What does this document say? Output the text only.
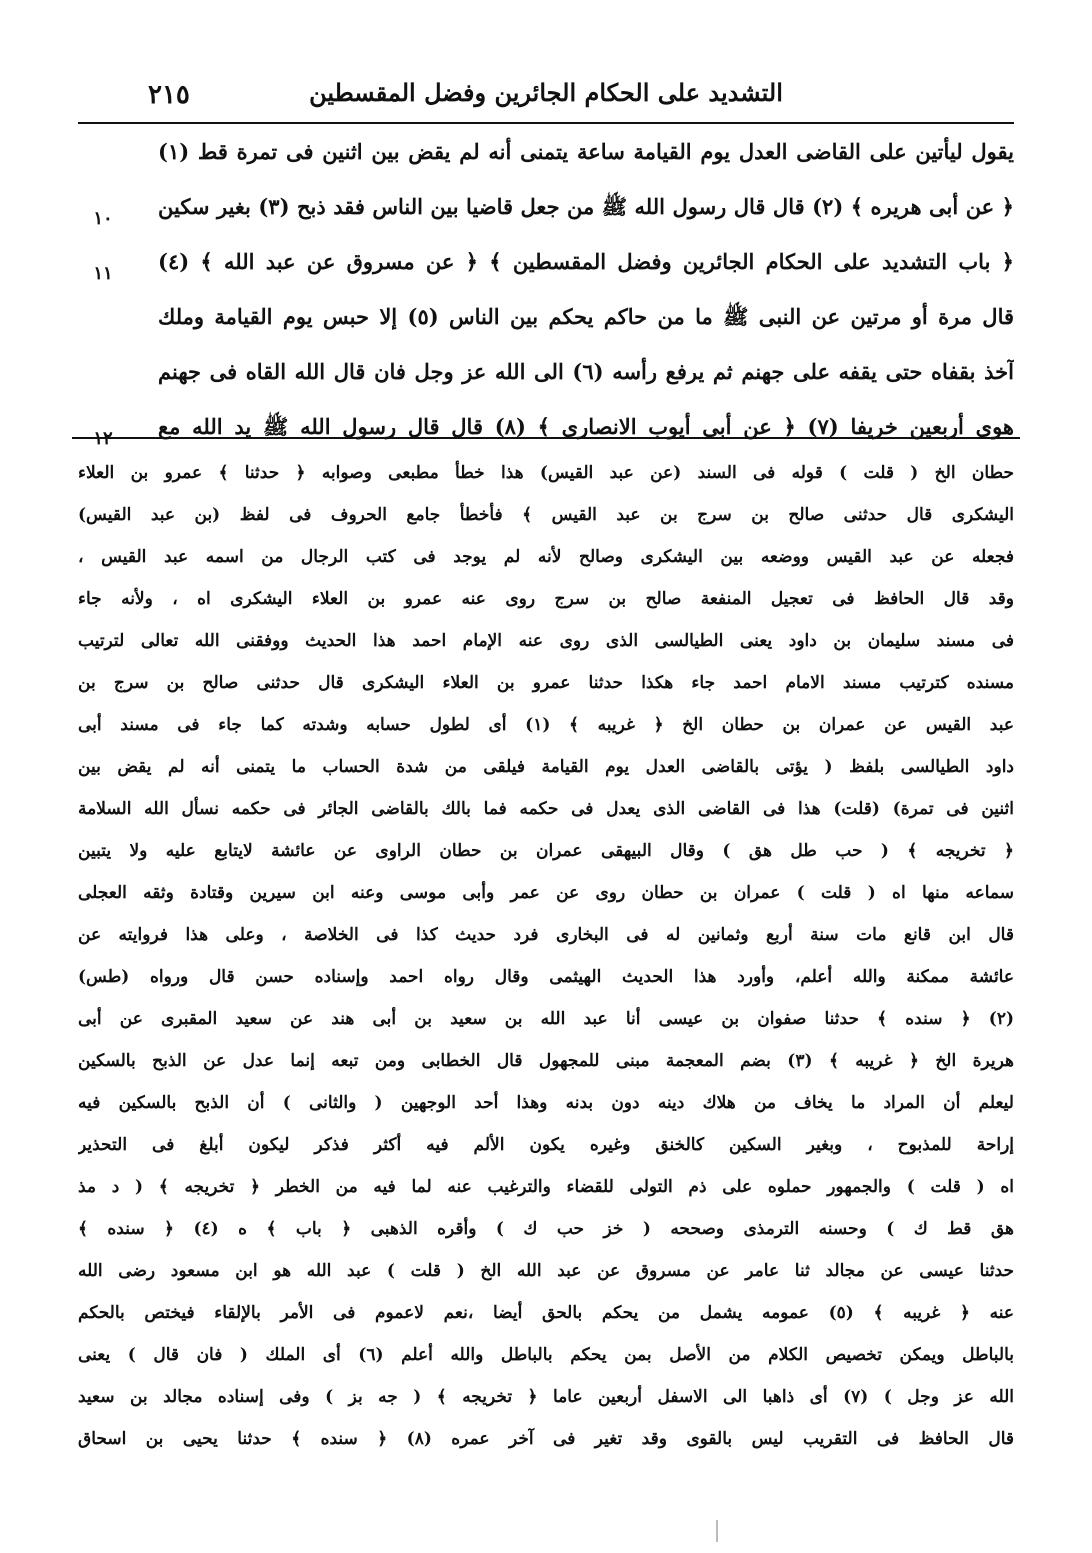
٢١٥	التشديد على الحكام الجائرين وفضل المقسطين
يقول ليأتين على القاضى العدل يوم القيامة ساعة يتمنى أنه لم يقض بين اثنين فى تمرة قط (١)
١٠	﴿ عن أبى هريره ﴾ (٢) قال قال رسول الله ﷺ من جعل قاضيا بين الناس فقد ذبح (٣) بغير سكين
١١	﴿ باب التشديد على الحكام الجائرين وفضل المقسطين ﴾ ﴿ عن مسروق عن عبد الله ﴾ (٤)
قال مرة أو مرتين عن النبى ﷺ ما من حاكم يحكم بين الناس (٥) إلا حبس يوم القيامة وملك
آخذ بقفاه حتى يقفه على جهنم ثم يرفع رأسه (٦) الى الله عز وجل فان قال الله القاه فى جهنم
١٢	هوى أربعين خريفا (٧) ﴿ عن أبى أيوب الانصارى ﴾ (٨) قال قال رسول الله ﷺ يد الله مع
حطان الخ ( قلت ) قوله فى السند (عن عبد القيس) هذا خطأ مطبعى وصوابه ﴿ حدثنا ﴾ عمرو بن العلاء
اليشكرى قال حدثنى صالح بن سرج بن عبد القيس ﴾ فأخطأ جامع الحروف فى لفظ (بن عبد القيس)
فجعله عن عبد القيس ووضعه بين اليشكرى وصالح لأنه لم يوجد فى كتب الرجال من اسمه عبد القيس ،
وقد قال الحافظ فى تعجيل المنفعة صالح بن سرج روى عنه عمرو بن العلاء اليشكرى اه ، ولأنه جاء
فى مسند سليمان بن داود يعنى الطيالسى الذى روى عنه الإمام احمد هذا الحديث ووفقنى الله تعالى لترتيب
مسنده كترتيب مسند الامام احمد جاء هكذا حدثنا عمرو بن العلاء اليشكرى قال حدثنى صالح بن سرج بن
عبد القيس عن عمران بن حطان الخ ﴿ غريبه ﴾ (١) أى لطول حسابه وشدته كما جاء فى مسند أبى
داود الطيالسى بلفظ ( يؤتى بالقاضى العدل يوم القيامة فيلقى من شدة الحساب ما يتمنى أنه لم يقض بين
اثنين فى تمرة) (قلت) هذا فى القاضى الذى يعدل فى حكمه فما بالك بالقاضى الجائر فى حكمه نسأل الله السلامة
﴿ تخريجه ﴾ ( حب طل هق ) وقال البيهقى عمران بن حطان الراوى عن عائشة لايتابع عليه ولا يتبين
سماعه منها اه ( قلت ) عمران بن حطان روى عن عمر وأبى موسى وعنه ابن سيرين وقتادة وثقه العجلى
قال ابن قانع مات سنة أربع وثمانين له فى البخارى فرد حديث كذا فى الخلاصة ، وعلى هذا فروايته عن
عائشة ممكنة والله أعلم، وأورد هذا الحديث الهيثمى وقال رواه احمد وإسناده حسن قال ورواه (طس)
(٢) ﴿ سنده ﴾ حدثنا صفوان بن عيسى أنا عبد الله بن سعيد بن أبى هند عن سعيد المقبرى عن أبى
هريرة الخ ﴿ غريبه ﴾ (٣) بضم المعجمة مبنى للمجهول قال الخطابى ومن تبعه إنما عدل عن الذبح بالسكين
ليعلم أن المراد ما يخاف من هلاك دينه دون بدنه وهذا أحد الوجهين ( والثانى ) أن الذبح بالسكين فيه
إراحة للمذبوح ، وبغير السكين كالخنق وغيره يكون الألم فيه أكثر فذكر ليكون أبلغ فى التحذير
اه ( قلت ) والجمهور حملوه على ذم التولى للقضاء والترغيب عنه لما فيه من الخطر ﴿ تخريجه ﴾ ( د مذ
هق قط ك ) وحسنه الترمذى وصححه ( خز حب ك ) وأقره الذهبى ﴿ باب ﴾ ه (٤) ﴿ سنده ﴾
حدثنا عيسى عن مجالد ثنا عامر عن مسروق عن عبد الله الخ ( قلت ) عبد الله هو ابن مسعود رضى الله
عنه ﴿ غريبه ﴾ (٥) عمومه يشمل من يحكم بالحق أيضا ،نعم لاعموم فى الأمر بالإلقاء فيختص بالحكم
بالباطل ويمكن تخصيص الكلام من الأصل بمن يحكم بالباطل والله أعلم (٦) أى الملك ( فان قال ) يعنى
الله عز وجل ) (٧) أى ذاهبا الى الاسفل أربعين عاما ﴿ تخريجه ﴾ ( جه بز ) وفى إسناده مجالد بن سعيد
قال الحافظ فى التقريب ليس بالقوى وقد تغير فى آخر عمره (٨) ﴿ سنده ﴾ حدثنا يحيى بن اسحاق
